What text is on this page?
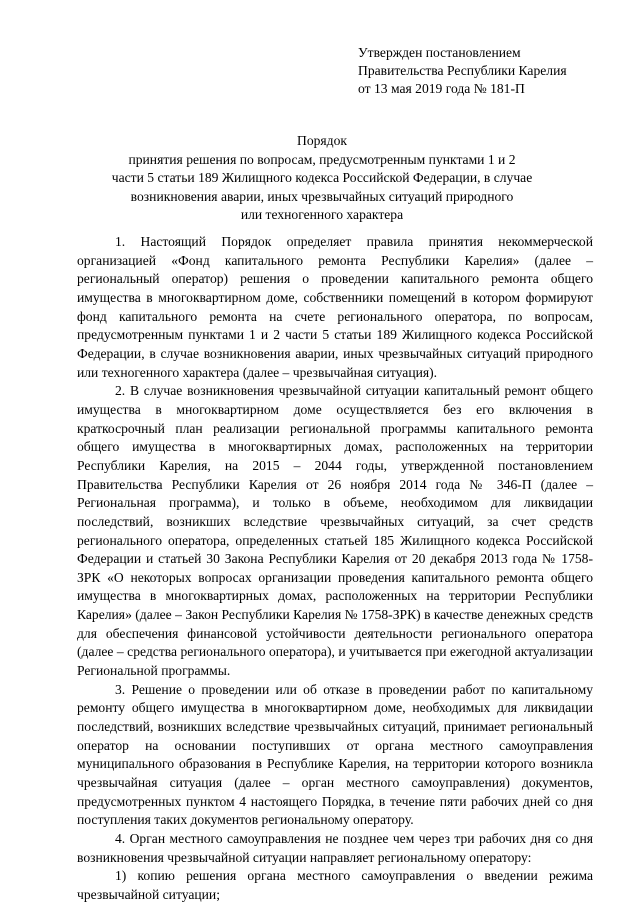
Утвержден постановлением
Правительства Республики Карелия
от 13 мая 2019 года № 181-П
Порядок
принятия решения по вопросам, предусмотренным пунктами 1 и 2
части 5 статьи 189 Жилищного кодекса Российской Федерации, в случае
возникновения аварии, иных чрезвычайных ситуаций природного
или техногенного характера

1. Настоящий Порядок определяет правила принятия некоммерческой организацией «Фонд капитального ремонта Республики Карелия» (далее – региональный оператор) решения о проведении капитального ремонта общего имущества в многоквартирном доме, собственники помещений в котором формируют фонд капитального ремонта на счете регионального оператора, по вопросам, предусмотренным пунктами 1 и 2 части 5 статьи 189 Жилищного кодекса Российской Федерации, в случае возникновения аварии, иных чрезвычайных ситуаций природного или техногенного характера (далее – чрезвычайная ситуация).

2. В случае возникновения чрезвычайной ситуации капитальный ремонт общего имущества в многоквартирном доме осуществляется без его включения в краткосрочный план реализации региональной программы капитального ремонта общего имущества в многоквартирных домах, расположенных на территории Республики Карелия, на 2015 – 2044 годы, утвержденной постановлением Правительства Республики Карелия от 26 ноября 2014 года № 346-П (далее – Региональная программа), и только в объеме, необходимом для ликвидации последствий, возникших вследствие чрезвычайных ситуаций, за счет средств регионального оператора, определенных статьей 185 Жилищного кодекса Российской Федерации и статьей 30 Закона Республики Карелия от 20 декабря 2013 года № 1758-ЗРК «О некоторых вопросах организации проведения капитального ремонта общего имущества в многоквартирных домах, расположенных на территории Республики Карелия» (далее – Закон Республики Карелия № 1758-ЗРК) в качестве денежных средств для обеспечения финансовой устойчивости деятельности регионального оператора (далее – средства регионального оператора), и учитывается при ежегодной актуализации Региональной программы.

3. Решение о проведении или об отказе в проведении работ по капитальному ремонту общего имущества в многоквартирном доме, необходимых для ликвидации последствий, возникших вследствие чрезвычайных ситуаций, принимает региональный оператор на основании поступивших от органа местного самоуправления муниципального образования в Республике Карелия, на территории которого возникла чрезвычайная ситуация (далее – орган местного самоуправления) документов, предусмотренных пунктом 4 настоящего Порядка, в течение пяти рабочих дней со дня поступления таких документов региональному оператору.

4. Орган местного самоуправления не позднее чем через три рабочих дня со дня возникновения чрезвычайной ситуации направляет региональному оператору:

1) копию решения органа местного самоуправления о введении режима чрезвычайной ситуации;
